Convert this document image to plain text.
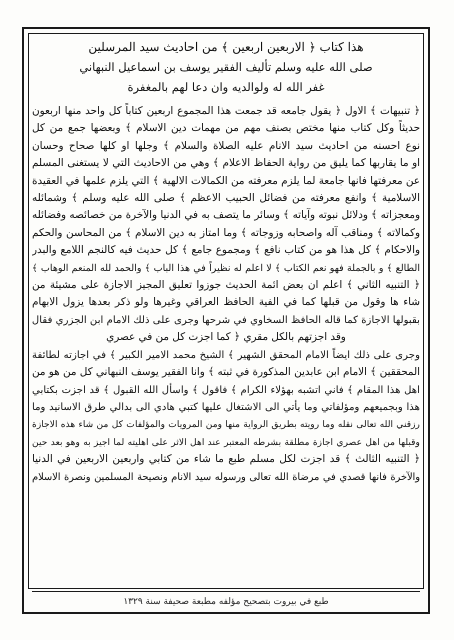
هذا كتاب ﴿ الاربعين اربعين ﴾ من احاديث سيد المرسلين
صلى الله عليه وسلم تأليف الفقير يوسف بن اسماعيل النبهاني
غفر الله له ولوالديه وان دعا لهم بالمغفرة
﴿ تنبيهات ﴾ الاول ﴿ يقول جامعه قد جمعت هذا المجموع اربعين كتاباً كل واحد منها اربعون
حديثاً وكل كتاب منها مختص بصنف مهم من مهمات دين الاسلام ﴾ وبعضها جمع من كل
نوع احسنه من احاديث سيد الانام عليه الصلاة والسلام ﴾ وجلها او كلها صحاح وحسان
او ما يقاربها كما يليق من رواية الحفاظ الاعلام ﴾ وهي من الاحاديث التي لا يستغنى المسلم
عن معرفتها فانها جامعة لما يلزم معرفته من الكمالات الالهية ﴾ التي يلزم علمها في العقيدة
الاسلامية ﴾ وانفع معرفته من فضائل الحبيب الاعظم ﴾ صلى الله عليه وسلم ﴾ وشمائله
ومعجزاته ﴾ ودلائل نبوته وآياته ﴾ وسائر ما يتصف به في الدنيا والآخرة من خصائصه وفضائله
وكمالاته ﴾ ومناقب آله واصحابه وزوجاته ﴾ وما امتاز به دين الاسلام ﴾ من المحاسن والحكم
والاحكام ﴾ كل هذا هو من كتاب نافع ﴾ ومجموع جامع ﴾ كل حديث فيه كالنجم اللامع والبدر
الطالع ﴾ و بالجملة فهو نعم الكتاب ﴾ لا اعلم له نظيراً في هذا الباب ﴾ والحمد لله المنعم الوهاب ﴾
﴿ التنبيه الثاني ﴾ اعلم ان بعض ائمة الحديث جوزوا تعليق المجيز الاجازة على مشيئة من
شاء ها وقول من قبلها كما في الفية الحافظ العراقي وغيرها ولو ذكر بعدها يزول الابهام
بقبولها الاجازة كما قاله الحافظ السخاوي في شرحها وجرى على ذلك الامام ابن الجزري فقال
وقد اجزتهم بالكل مقري ﴿ كما اجزت كل من في عصري
وجرى على ذلك ايضاً الامام المحقق الشهير ﴾ الشيخ محمد الامير الكبير ﴾ في اجازته لطائفة
المحققين ﴾ الامام ابن عابدين المذكورة في ثبته ﴾ وانا الفقير يوسف النبهاني كل من هو من
اهل هذا المقام ﴾ فاني اتشبه بهؤلاء الكرام ﴾ فاقول ﴾ واسأل الله القبول ﴾ قد اجزت بكتابي
هذا وبجميعهم ومؤلفاتي وما يأتي الى الاشتغال عليها كتبي هادي الى بدالي طرق الاسانيد وما
رزقني الله تعالى نقله وما رويته بطريق الرواية منها ومن المرويات والمؤلفات كل من شاء هذه الاجازة
وقبلها من اهل عصري اجازة مطلقة بشرطه المعتبر عند اهل الاثر على اهليته لما اجيز به وهو بعد حين
﴿ التنبيه الثالث ﴾ قد اجزت لكل مسلم طبع ما شاء من كتابي واربعين الاربعين في الدنيا
والآخرة فانها قصدي في مرضاة الله تعالى ورسوله سيد الانام ونصيحة المسلمين ونصرة الاسلام
طبع في بيروت بتصحيح مؤلفه مطبعة صحيفة سنة ١٣٢٩
